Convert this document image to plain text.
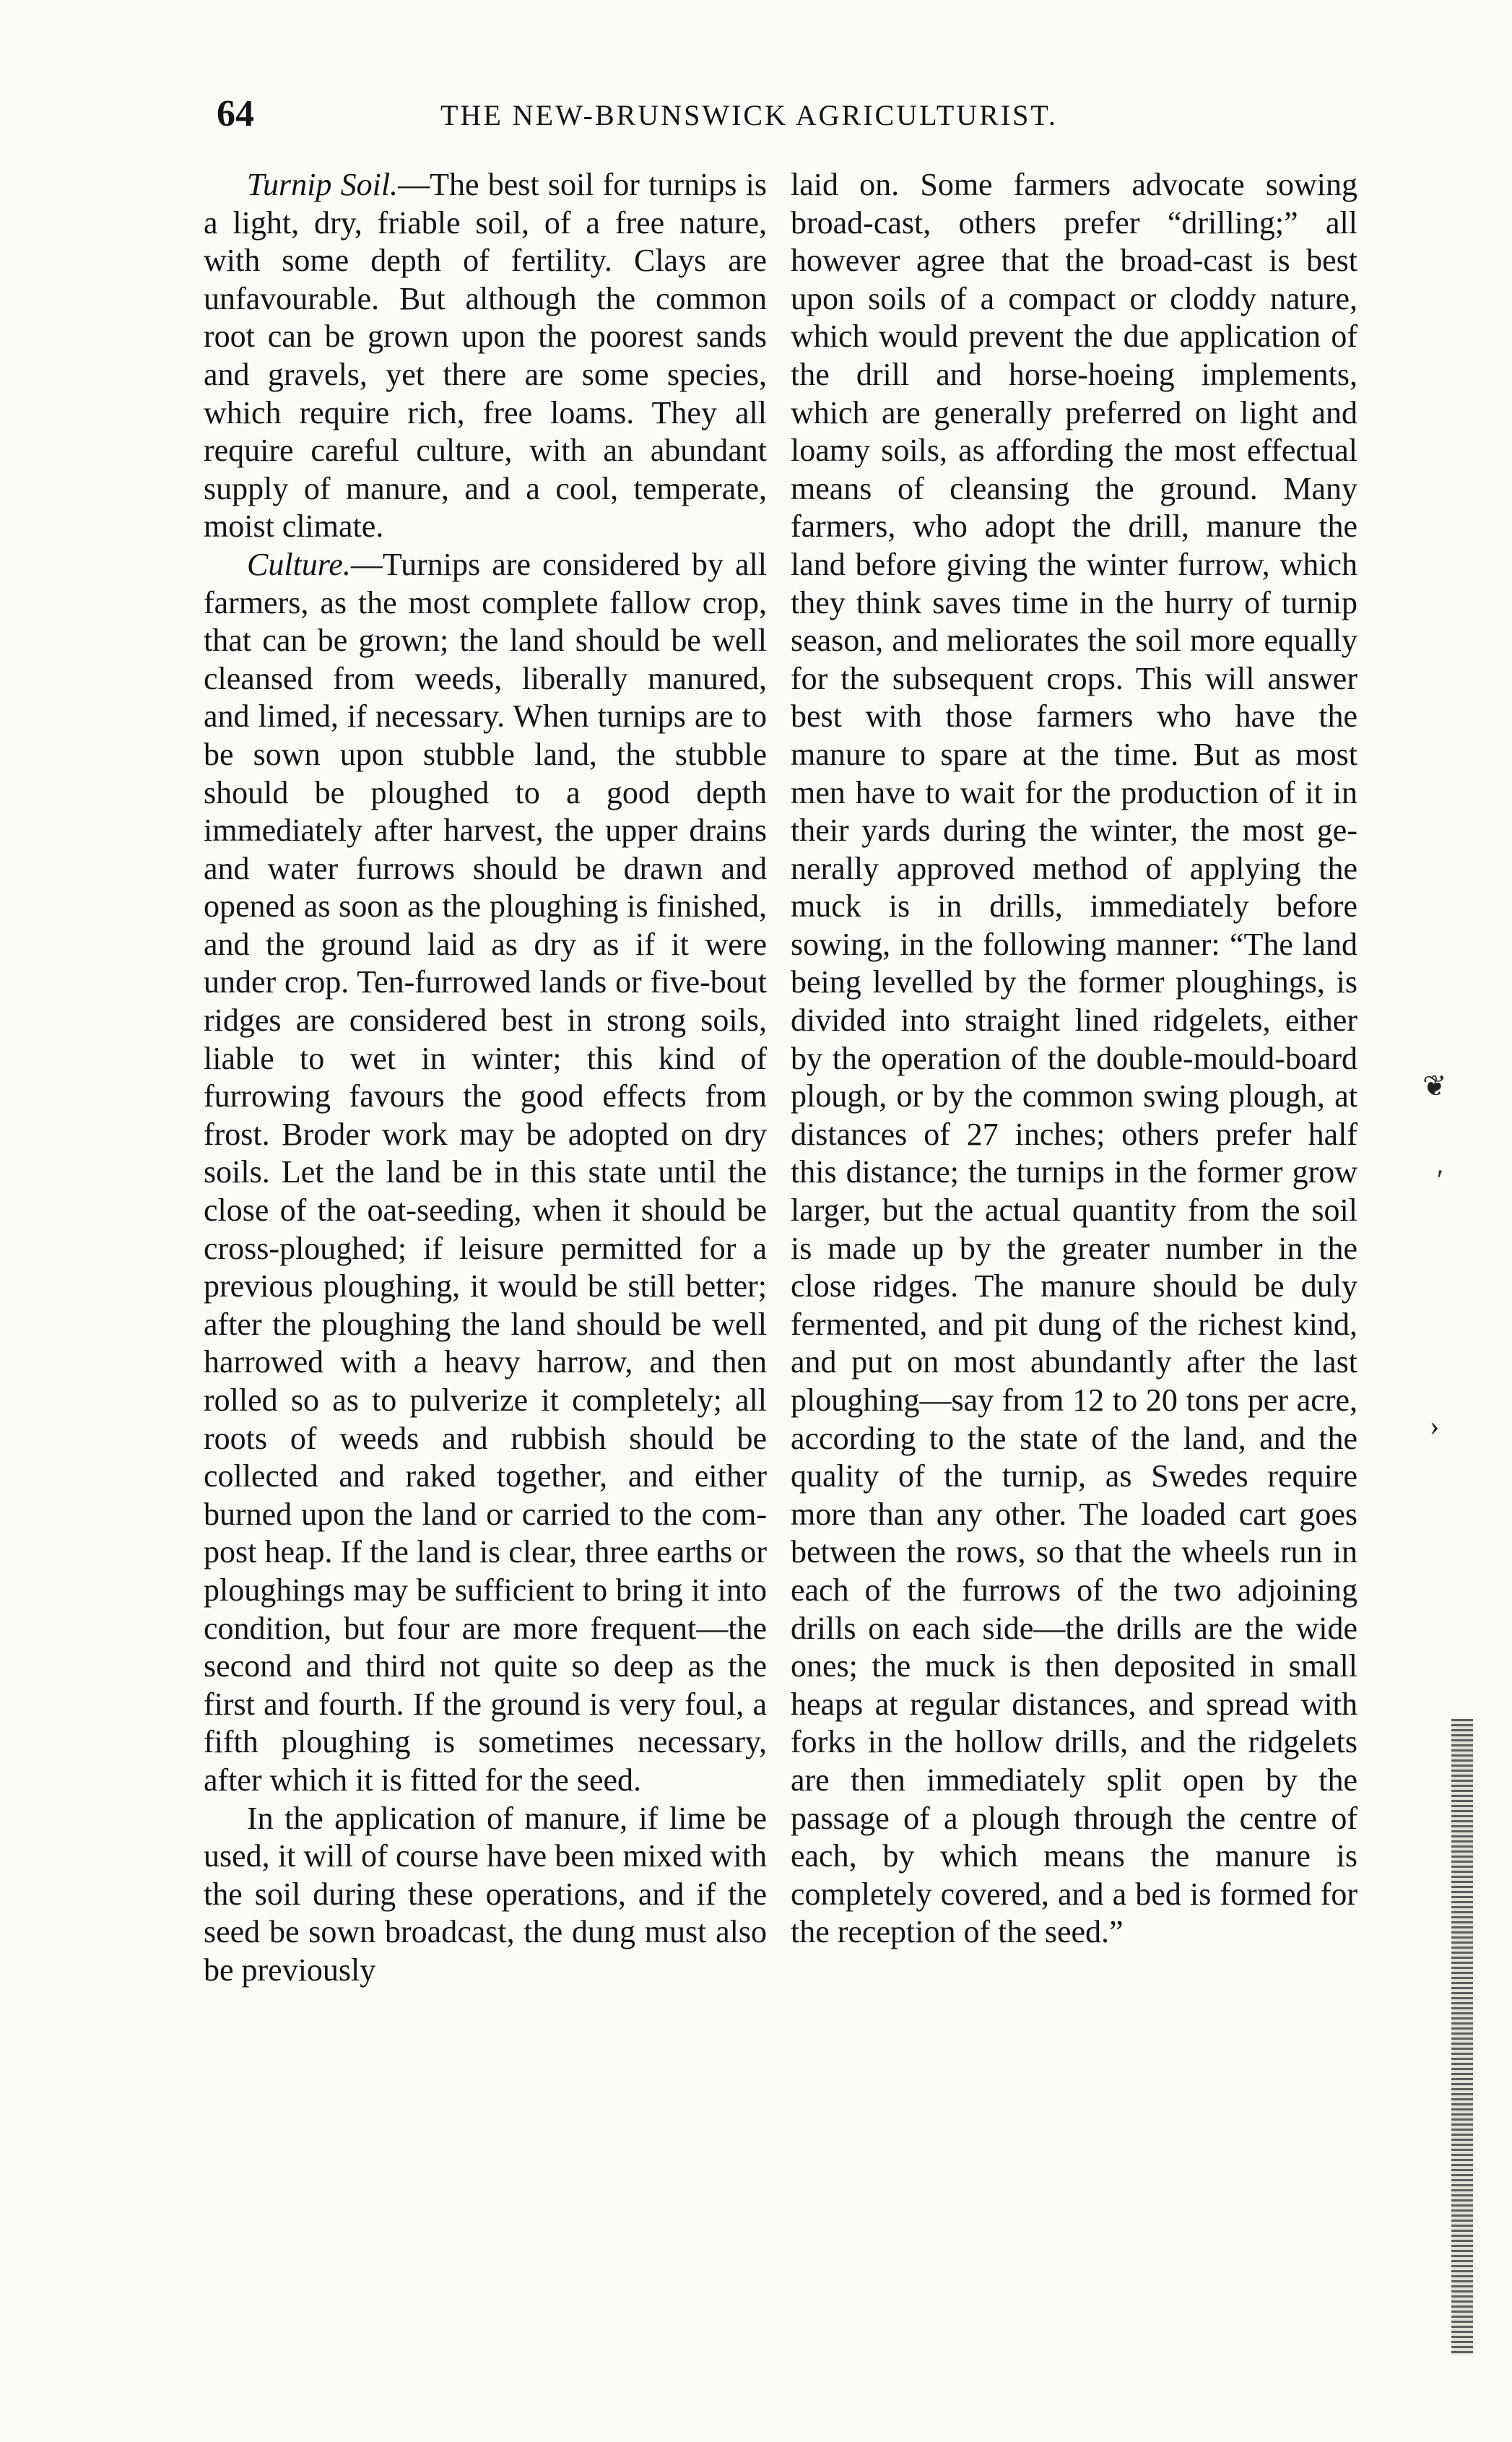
64	THE NEW-BRUNSWICK AGRICULTURIST.

Turnip Soil.—The best soil for turnips is a light, dry, friable soil, of a free nature, with some depth of fertility. Clays are unfavourable. But although the common root can be grown upon the poorest sands and gravels, yet there are some species, which require rich, free loams. They all require careful culture, with an abundant supply of manure, and a cool, temperate, moist climate.

Culture.—Turnips are considered by all farmers, as the most complete fallow crop, that can be grown; the land should be well cleansed from weeds, liberally manured, and limed, if necessary. When turnips are to be sown upon stubble land, the stubble should be ploughed to a good depth immediately after harvest, the upper drains and water furrows should be drawn and opened as soon as the ploughing is finished, and the ground laid as dry as if it were under crop. Ten-furrowed lands or five-bout ridges are considered best in strong soils, liable to wet in winter; this kind of furrowing favours the good effects from frost. Broder work may be adopted on dry soils. Let the land be in this state until the close of the oat-seeding, when it should be cross-ploughed; if leisure permitted for a previous ploughing, it would be still better; after the ploughing the land should be well harrowed with a heavy harrow, and then rolled so as to pulverize it completely; all roots of weeds and rubbish should be collected and raked together, and either burned upon the land or carried to the compost heap. If the land is clear, three earths or ploughings may be sufficient to bring it into condition, but four are more frequent—the second and third not quite so deep as the first and fourth. If the ground is very foul, a fifth ploughing is sometimes necessary, after which it is fitted for the seed.

In the application of manure, if lime be used, it will of course have been mixed with the soil during these operations, and if the seed be sown broadcast, the dung must also be previously

laid on. Some farmers advocate sowing broad-cast, others prefer “drilling;” all however agree that the broad-cast is best upon soils of a compact or cloddy nature, which would prevent the due application of the drill and horse-hoeing implements, which are generally preferred on light and loamy soils, as affording the most effectual means of cleansing the ground. Many farmers, who adopt the drill, manure the land before giving the winter furrow, which they think saves time in the hurry of turnip season, and meliorates the soil more equally for the subsequent crops. This will answer best with those farmers who have the manure to spare at the time. But as most men have to wait for the production of it in their yards during the winter, the most generally approved method of applying the muck is in drills, immediately before sowing, in the following manner: “The land being levelled by the former ploughings, is divided into straight lined ridgelets, either by the operation of the double-mould-board plough, or by the common swing plough, at distances of 27 inches; others prefer half this distance; the turnips in the former grow larger, but the actual quantity from the soil is made up by the greater number in the close ridges. The manure should be duly fermented, and pit dung of the richest kind, and put on most abundantly after the last ploughing—say from 12 to 20 tons per acre, according to the state of the land, and the quality of the turnip, as Swedes require more than any other. The loaded cart goes between the rows, so that the wheels run in each of the furrows of the two adjoining drills on each side—the drills are the wide ones; the muck is then deposited in small heaps at regular distances, and spread with forks in the hollow drills, and the ridgelets are then immediately split open by the passage of a plough through the centre of each, by which means the manure is completely covered, and a bed is formed for the reception of the seed.”

❦
′
›
